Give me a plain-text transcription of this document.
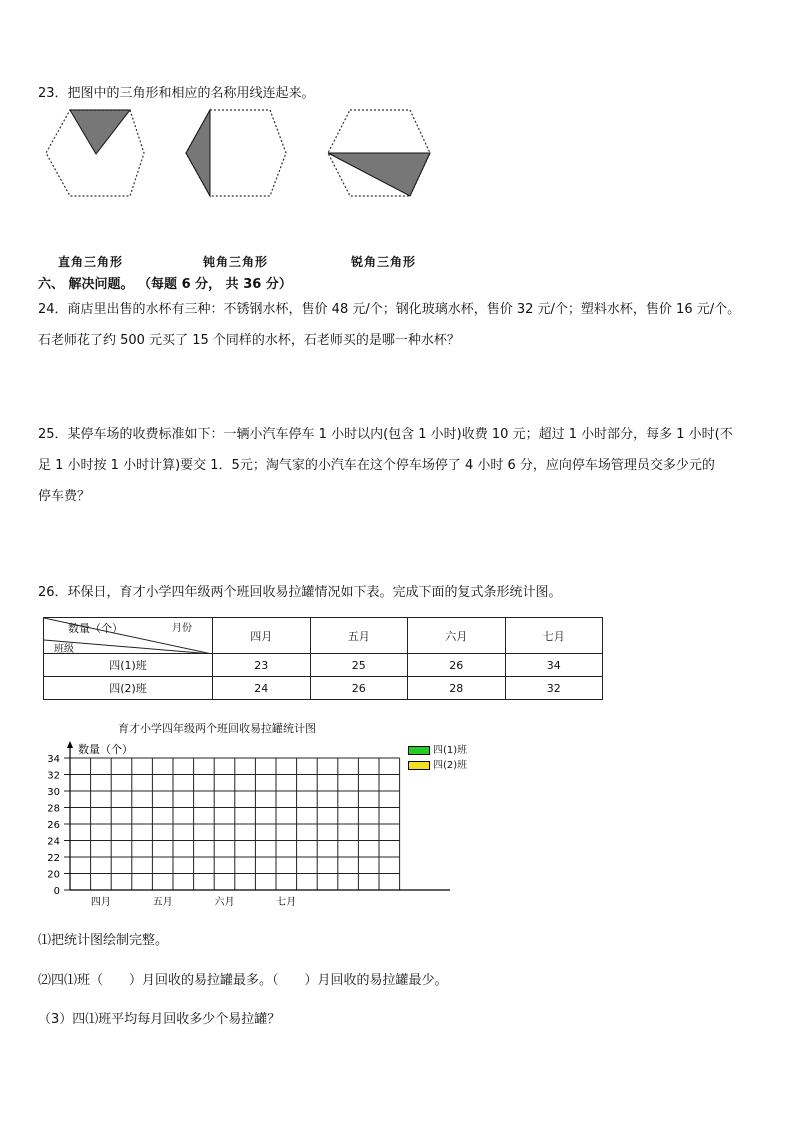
23．把图中的三角形和相应的名称用线连起来。
直角三角形	钝角三角形	锐角三角形
六、 解决问题。 （每题 6 分， 共 36 分）
24．商店里出售的水杯有三种：不锈钢水杯，售价 48 元/个；钢化玻璃水杯，售价 32 元/个；塑料水杯，售价 16 元/个。
石老师花了约 500 元买了 15 个同样的水杯，石老师买的是哪一种水杯？
25．某停车场的收费标准如下：一辆小汽车停车 1 小时以内(包含 1 小时)收费 10 元；超过 1 小时部分，每多 1 小时(不
足 1 小时按 1 小时计算)要交 1．5元；淘气家的小汽车在这个停车场停了 4 小时 6 分，应向停车场管理员交多少元的
停车费？
26．环保日，育才小学四年级两个班回收易拉罐情况如下表。完成下面的复式条形统计图。
数量（个） 月份
班级	四月	五月	六月	七月
四(1)班	23	25	26	34
四(2)班	24	26	28	32
育才小学四年级两个班回收易拉罐统计图
四(1)班
四(2)班
0
20
22
24
26
28
30
32
34
数量（个）
四月	五月	六月	七月
⑴把统计图绘制完整。
⑵四⑴班（　　）月回收的易拉罐最多。（　　）月回收的易拉罐最少。
（3）四⑴班平均每月回收多少个易拉罐？
